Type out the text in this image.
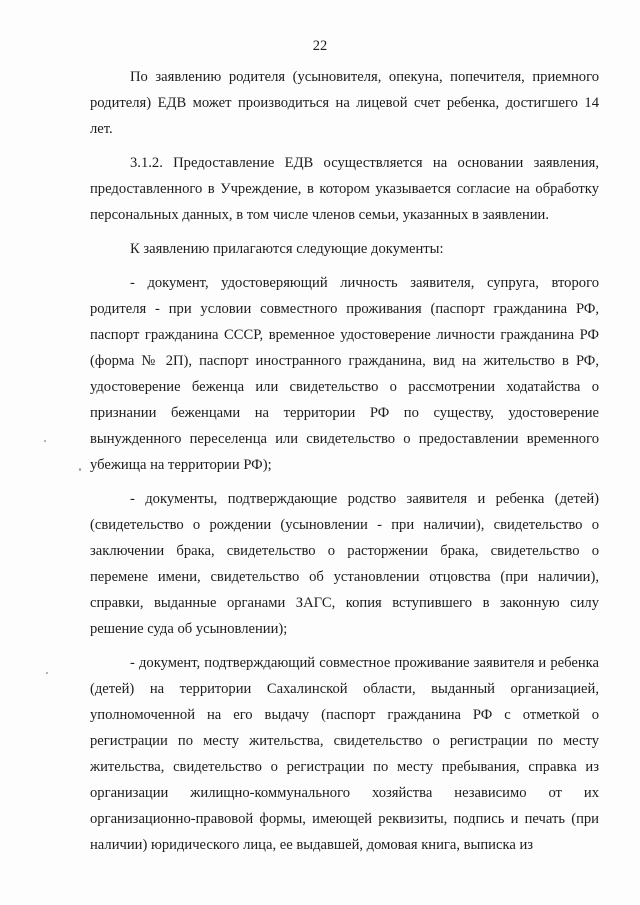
22

По заявлению родителя (усыновителя, опекуна, попечителя, приемного родителя) ЕДВ может производиться на лицевой счет ребенка, достигшего 14 лет.

3.1.2. Предоставление ЕДВ осуществляется на основании заявления, предоставленного в Учреждение, в котором указывается согласие на обработку персональных данных, в том числе членов семьи, указанных в заявлении.

К заявлению прилагаются следующие документы:

- документ, удостоверяющий личность заявителя, супруга, второго родителя - при условии совместного проживания (паспорт гражданина РФ, паспорт гражданина СССР, временное удостоверение личности гражданина РФ (форма № 2П), паспорт иностранного гражданина, вид на жительство в РФ, удостоверение беженца или свидетельство о рассмотрении ходатайства о признании беженцами на территории РФ по существу, удостоверение вынужденного переселенца или свидетельство о предоставлении временного убежища на территории РФ);

- документы, подтверждающие родство заявителя и ребенка (детей) (свидетельство о рождении (усыновлении - при наличии), свидетельство о заключении брака, свидетельство о расторжении брака, свидетельство о перемене имени, свидетельство об установлении отцовства (при наличии), справки, выданные органами ЗАГС, копия вступившего в законную силу решение суда об усыновлении);

- документ, подтверждающий совместное проживание заявителя и ребенка (детей) на территории Сахалинской области, выданный организацией, уполномоченной на его выдачу (паспорт гражданина РФ с отметкой о регистрации по месту жительства, свидетельство о регистрации по месту жительства, свидетельство о регистрации по месту пребывания, справка из организации жилищно-коммунального хозяйства независимо от их организационно-правовой формы, имеющей реквизиты, подпись и печать (при наличии) юридического лица, ее выдавшей, домовая книга, выписка из
